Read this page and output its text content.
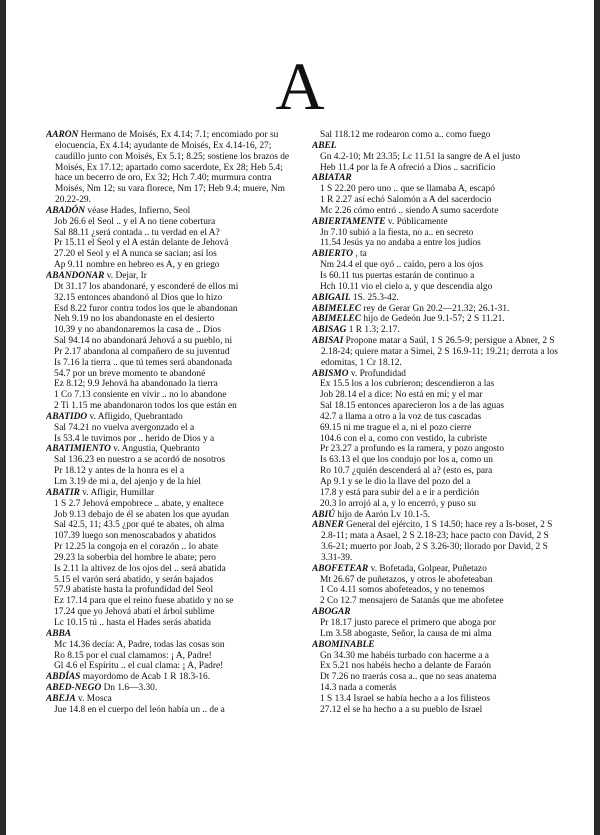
A

AARÓN Hermano de Moisés, Ex 4.14; 7.1; encomiado por su elocuencia, Ex 4.14; ayudante de Moisés, Ex 4.14-16, 27; caudillo junto con Moisés, Ex 5.1; 8.25; sostiene los brazos de Moisés, Ex 17.12; apartado como sacerdote, Ex 28; Heb 5.4; hace un becerro de oro, Ex 32; Hch 7.40; murmura contra Moisés, Nm 12; su vara florece, Nm 17; Heb 9.4; muere, Nm 20.22-29.

ABADÓN véase Hades, Infierno, Seol

Job 26.6 el Seol .. y el A no tiene cobertura

Sal 88.11 ¿será contada .. tu verdad en el A?

Pr 15.11 el Seol y el A están delante de Jehová

27.20 el Seol y el A nunca se sacian; así los

Ap 9.11 nombre en hebreo es A, y en griego

ABANDONAR v. Dejar, Ir

Dt 31.17 los abandonaré, y esconderé de ellos mi

32.15 entonces abandonó al Dios que lo hizo

Esd 8.22 furor contra todos los que le abandonan

Neh 9.19 no los abandonaste en el desierto

10.39 y no abandonaremos la casa de .. Dios

Sal 94.14 no abandonará Jehová a su pueblo, ni

Pr 2.17 abandona al compañero de su juventud

Is 7.16 la tierra .. que tú temes será abandonada

54.7 por un breve momento te abandoné

Ez 8.12; 9.9 Jehová ha abandonado la tierra

1 Co 7.13 consiente en vivir .. no lo abandone

2 Ti 1.15 me abandonaron todos los que están en

ABATIDO v. Afligido, Quebrantado

Sal 74.21 no vuelva avergonzado el a

Is 53.4 le tuvimos por .. herido de Dios y a

ABATIMIENTO v. Angustia, Quebranto

Sal 136.23 en nuestro a se acordó de nosotros

Pr 18.12 y antes de la honra es el a

Lm 3.19 de mi a, del ajenjo y de la hiel

ABATIR v. Afligir, Humillar

1 S 2.7 Jehová empobrece .. abate, y enaltece

Job 9.13 debajo de él se abaten los que ayudan

Sal 42.5, 11; 43.5 ¿por qué te abates, oh alma

107.39 luego son menoscabados y abatidos

Pr 12.25 la congoja en el corazón .. lo abate

29.23 la soberbia del hombre le abate; pero

Is 2.11 la altivez de los ojos del .. será abatida

5.15 el varón será abatido, y serán bajados

57.9 abatiste hasta la profundidad del Seol

Ez 17.14 para que el reino fuese abatido y no se

17.24 que yo Jehová abatí el árbol sublime

Lc 10.15 tú .. hasta el Hades serás abatida

ABBA

Mc 14.36 decía: A, Padre, todas las cosas son

Ro 8.15 por el cual clamamos: ¡ A, Padre!

Gl 4.6 el Espíritu .. el cual clama: ¡ A, Padre!

ABDÍAS mayordomo de Acab 1 R 18.3-16.

ABED-NEGO Dn 1.6—3.30.

ABEJA v. Mosca

Jue 14.8 en el cuerpo del león había un .. de a

Sal 118.12 me rodearon como a.. como fuego

ABEL

Gn 4.2-10; Mt 23.35; Lc 11.51 la sangre de A el justo

Heb 11.4 por la fe A ofreció a Dios .. sacrificio

ABIATAR

1 S 22.20 pero uno .. que se llamaba A, escapó

1 R 2.27 así echó Salomón a A del sacerdocio

Mc 2.26 cómo entró .. siendo A sumo sacerdote

ABIERTAMENTE v. Públicamente

Jn 7.10 subió a la fiesta, no a.. en secreto

11.54 Jesús ya no andaba a entre los judíos

ABIERTO , ta

Nm 24.4 el que oyó .. caído, pero a los ojos

Is 60.11 tus puertas estarán de continuo a

Hch 10.11 vio el cielo a, y que descendía algo

ABIGAIL 1S. 25.3-42.

ABIMELEC rey de Gerar Gn 20.2—21.32; 26.1-31.

ABIMELEC hijo de Gedeón Jue 9.1-57; 2 S 11.21.

ABISAG 1 R 1.3; 2.17.

ABISAI Propone matar a Saúl, 1 S 26.5-9; persigue a Abner, 2 S 2.18-24; quiere matar a Simei, 2 S 16.9-11; 19.21; derrota a los edomitas, 1 Cr 18.12.

ABISMO v. Profundidad

Ex 15.5 los a los cubrieron; descendieron a las

Job 28.14 el a dice: No está en mí; y el mar

Sal 18.15 entonces aparecieron los a de las aguas

42.7 a llama a otro a la voz de tus cascadas

69.15 ni me trague el a, ni el pozo cierre

104.6 con el a, como con vestido, la cubriste

Pr 23.27 a profundo es la ramera, y pozo angosto

Is 63.13 el que los condujo por los a, como un

Ro 10.7 ¿quién descenderá al a? (esto es, para

Ap 9.1 y se le dio la llave del pozo del a

17.8 y está para subir del a e ir a perdición

20.3 lo arrojó al a, y lo encerró, y puso su

ABIÚ hijo de Aarón Lv 10.1-5.

ABNER General del ejército, 1 S 14.50; hace rey a Is-boset, 2 S 2.8-11; mata a Asael, 2 S 2.18-23; hace pacto con David, 2 S 3.6-21; muerto por Joab, 2 S 3.26-30; llorado por David, 2 S 3.31-39.

ABOFETEAR v. Bofetada, Golpear, Puñetazo

Mt 26.67 de puñetazos, y otros le abofeteaban

1 Co 4.11 somos abofeteados, y no tenemos

2 Co 12.7 mensajero de Satanás que me abofetee

ABOGAR

Pr 18.17 justo parece el primero que aboga por

Lm 3.58 abogaste, Señor, la causa de mi alma

ABOMINABLE

Gn 34.30 me habéis turbado con hacerme a a

Ex 5.21 nos habéis hecho a delante de Faraón

Dt 7.26 no traerás cosa a.. que no seas anatema

14.3 nada a comerás

1 S 13.4 Israel se había hecho a a los filisteos

27.12 el se ha hecho a a su pueblo de Israel
